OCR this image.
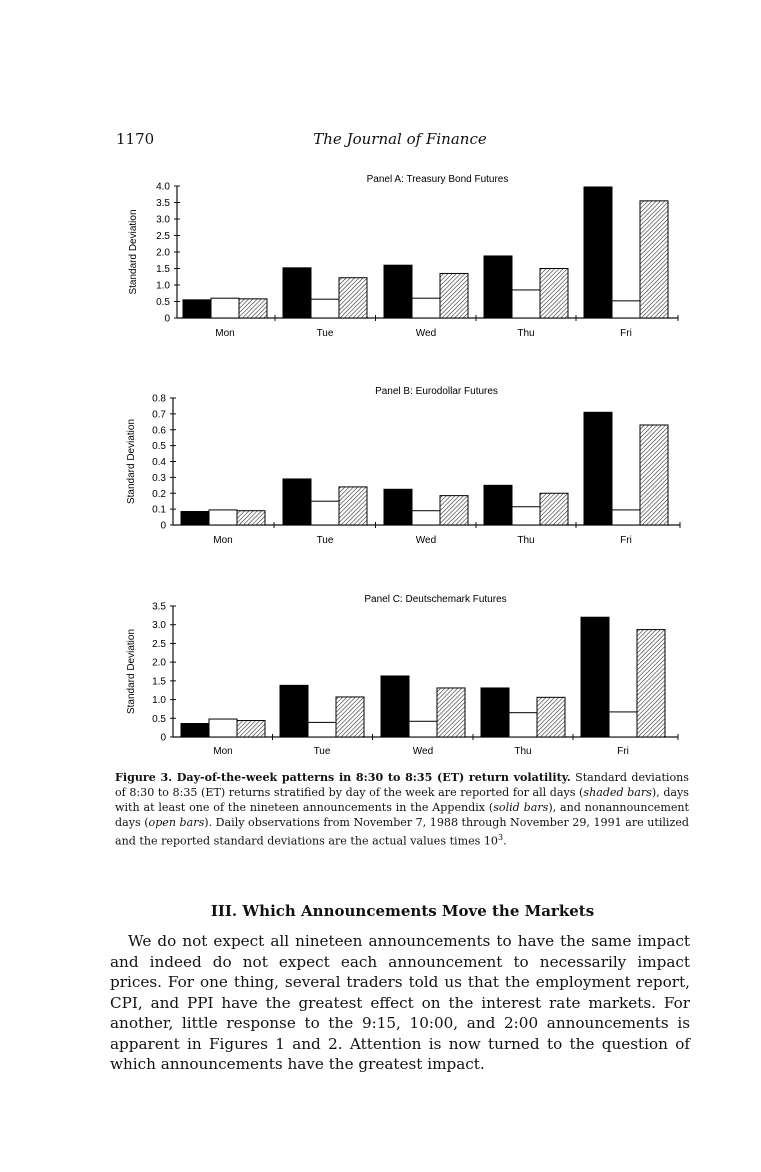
1170	The Journal of Finance
Panel A: Treasury Bond Futures
Standard Deviation
0
0.5
1.0
1.5
2.0
2.5
3.0
3.5
4.0
Mon	Tue	Wed	Thu	Fri
Panel B: Eurodollar Futures
Standard Deviation
0
0.1
0.2
0.3
0.4
0.5
0.6
0.7
0.8
Mon	Tue	Wed	Thu	Fri
Panel C: Deutschemark Futures
Standard Deviation
0
0.5
1.0
1.5
2.0
2.5
3.0
3.5
Mon	Tue	Wed	Thu	Fri
Figure 3. Day-of-the-week patterns in 8:30 to 8:35 (ET) return volatility. Standard deviations of 8:30 to 8:35 (ET) returns stratified by day of the week are reported for all days (shaded bars), days with at least one of the nineteen announcements in the Appendix (solid bars), and nonannouncement days (open bars). Daily observations from November 7, 1988 through November 29, 1991 are utilized and the reported standard deviations are the actual values times $10^3$.
III. Which Announcements Move the Markets
We do not expect all nineteen announcements to have the same impact and indeed do not expect each announcement to necessarily impact prices. For one thing, several traders told us that the employment report, CPI, and PPI have the greatest effect on the interest rate markets. For another, little response to the 9:15, 10:00, and 2:00 announcements is apparent in Figures 1 and 2. Attention is now turned to the question of which announcements have the greatest impact.
